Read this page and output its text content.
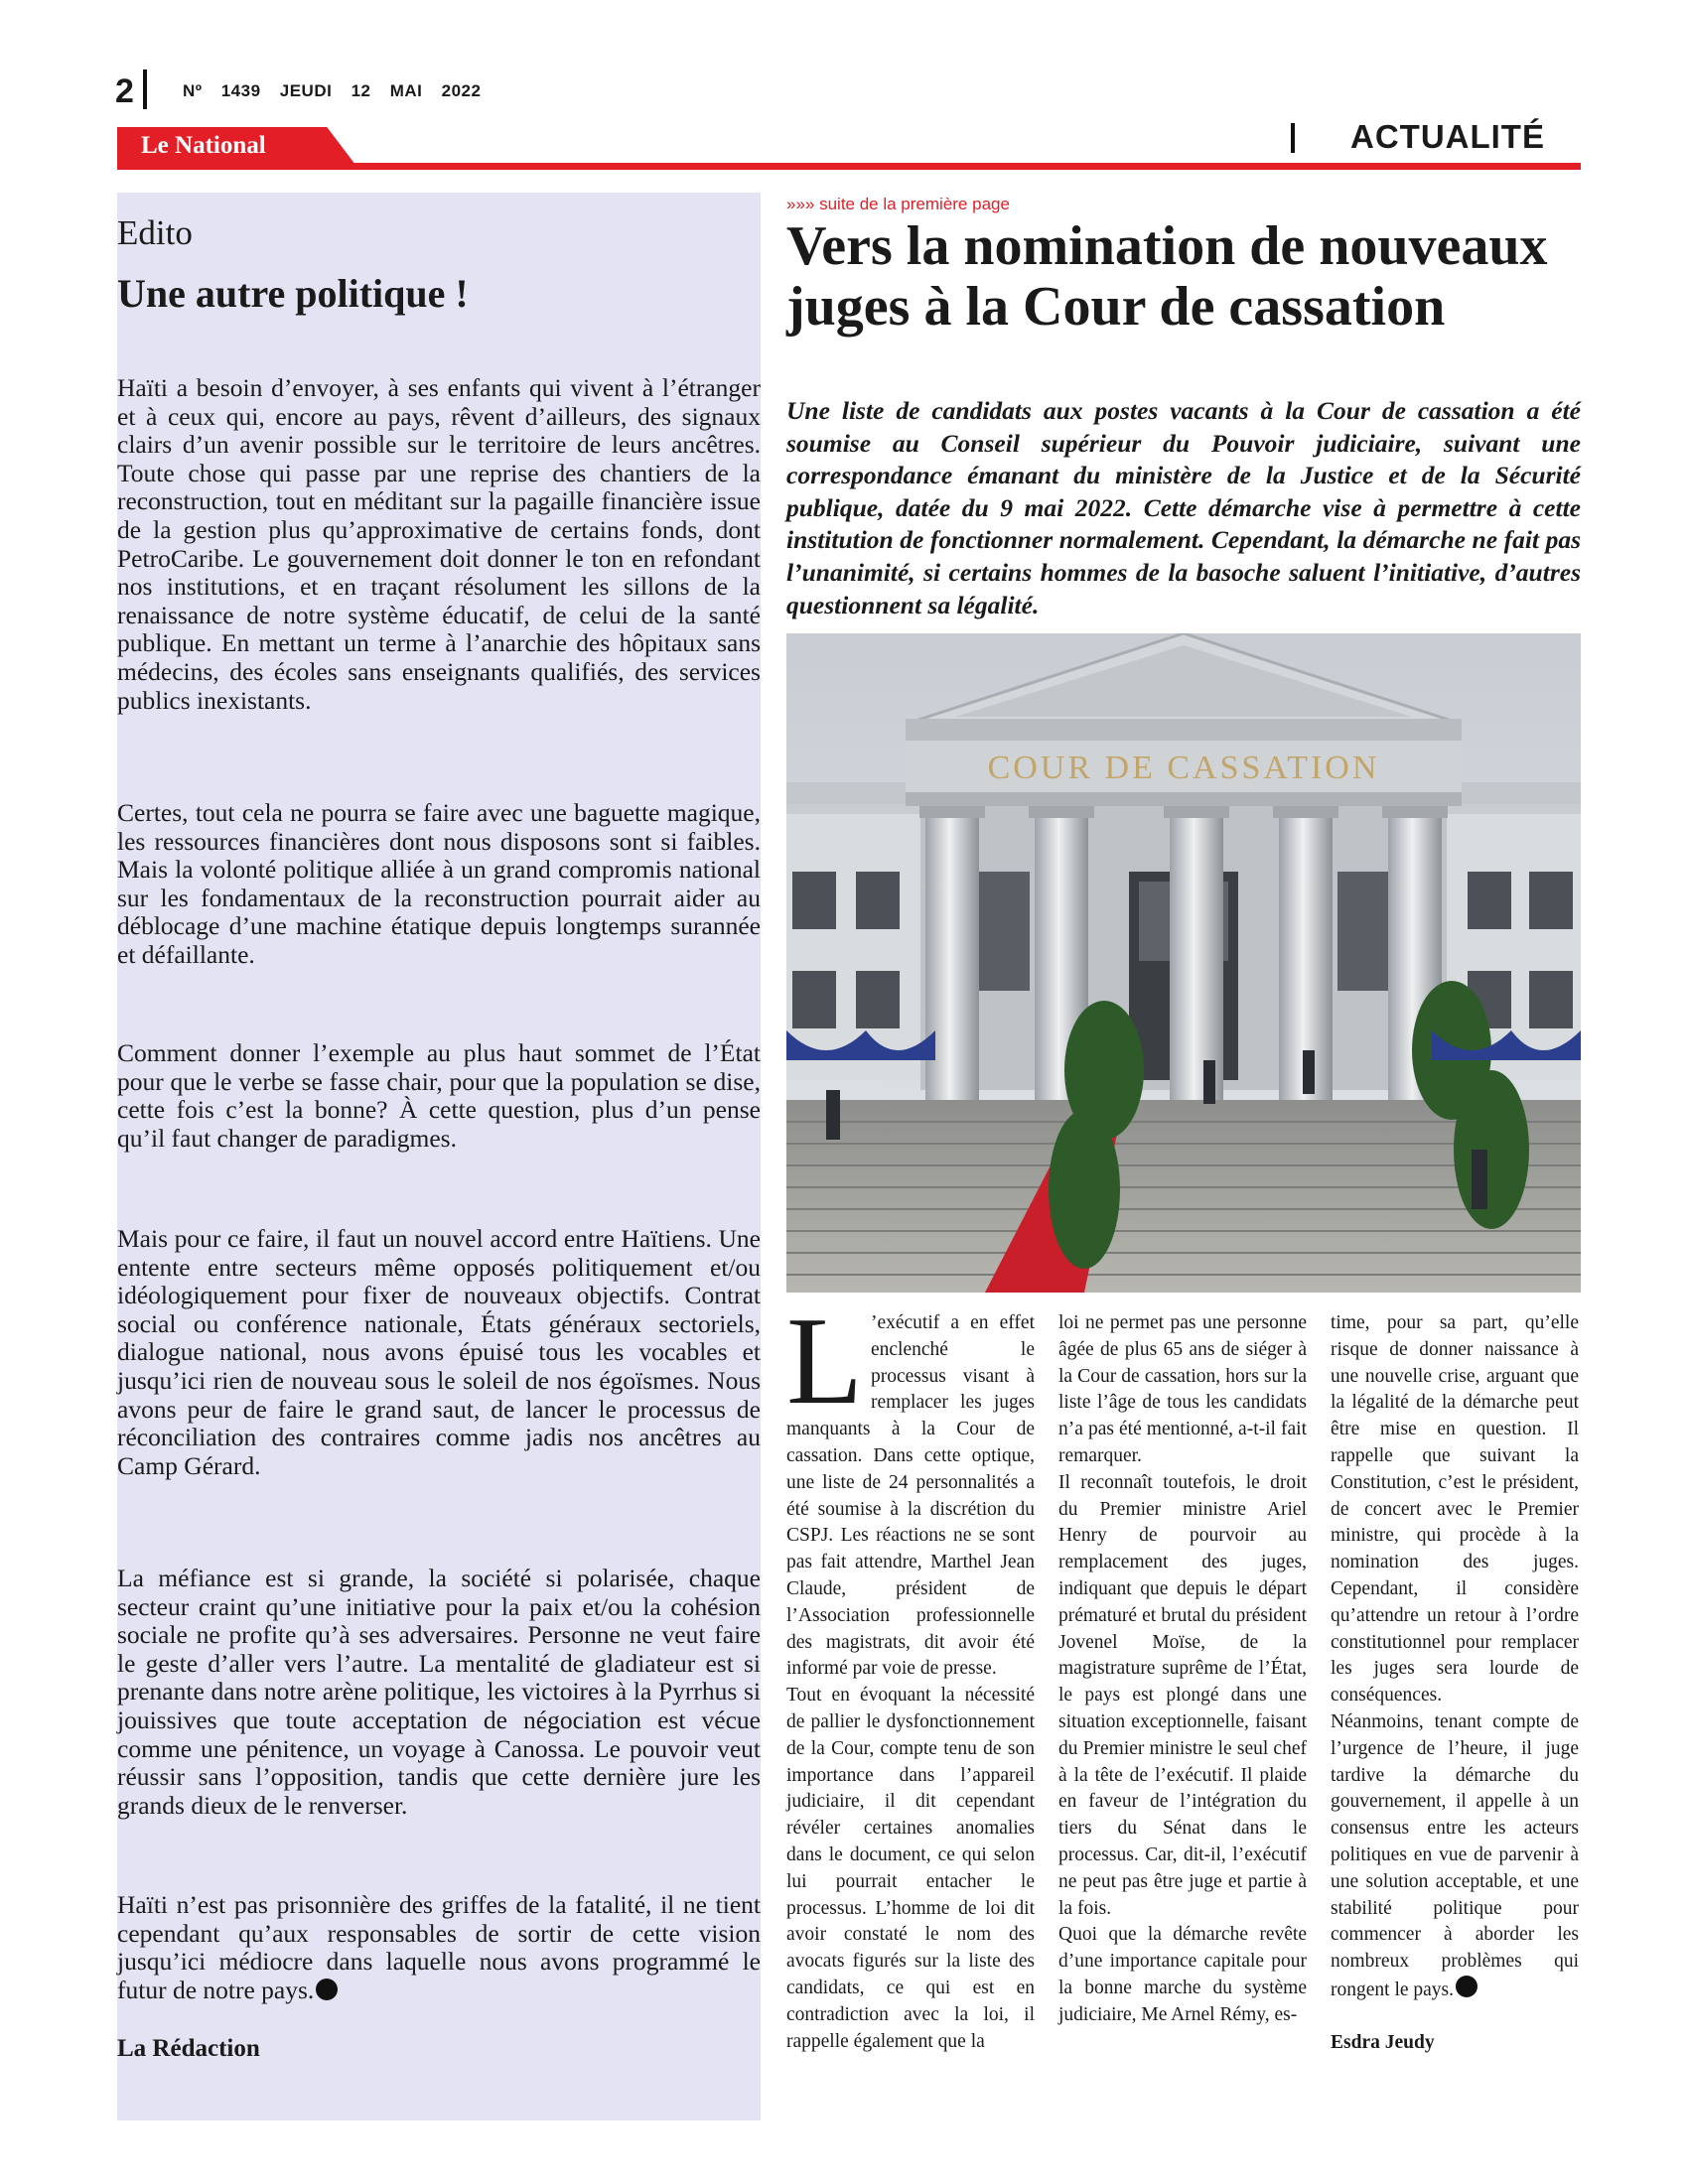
2	Nº 1439 JEUDI 12 MAI 2022
Le National	ACTUALITÉ
Edito
Une autre politique !

Haïti a besoin d’envoyer, à ses enfants qui vivent à l’étranger et à ceux qui, encore au pays, rêvent d’ailleurs, des signaux clairs d’un avenir possible sur le territoire de leurs ancêtres. Toute chose qui passe par une reprise des chantiers de la reconstruction, tout en méditant sur la pagaille financière issue de la gestion plus qu’approximative de certains fonds, dont PetroCaribe. Le gouvernement doit donner le ton en refondant nos institutions, et en traçant résolument les sillons de la renaissance de notre système éducatif, de celui de la santé publique. En mettant un terme à l’anarchie des hôpitaux sans médecins, des écoles sans enseignants qualifiés, des services publics inexistants.

Certes, tout cela ne pourra se faire avec une baguette magique, les ressources financières dont nous disposons sont si faibles. Mais la volonté politique alliée à un grand compromis national sur les fondamentaux de la reconstruction pourrait aider au déblocage d’une machine étatique depuis longtemps surannée et défaillante.

Comment donner l’exemple au plus haut sommet de l’État pour que le verbe se fasse chair, pour que la population se dise, cette fois c’est la bonne? À cette question, plus d’un pense qu’il faut changer de paradigmes.

Mais pour ce faire, il faut un nouvel accord entre Haïtiens. Une entente entre secteurs même opposés politiquement et/ou idéologiquement pour fixer de nouveaux objectifs. Contrat social ou conférence nationale, États généraux sectoriels, dialogue national, nous avons épuisé tous les vocables et jusqu’ici rien de nouveau sous le soleil de nos égoïsmes. Nous avons peur de faire le grand saut, de lancer le processus de réconciliation des contraires comme jadis nos ancêtres au Camp Gérard.

La méfiance est si grande, la société si polarisée, chaque secteur craint qu’une initiative pour la paix et/ou la cohésion sociale ne profite qu’à ses adversaires. Personne ne veut faire le geste d’aller vers l’autre. La mentalité de gladiateur est si prenante dans notre arène politique, les victoires à la Pyrrhus si jouissives que toute acceptation de négociation est vécue comme une pénitence, un voyage à Canossa. Le pouvoir veut réussir sans l’opposition, tandis que cette dernière jure les grands dieux de le renverser.

Haïti n’est pas prisonnière des griffes de la fatalité, il ne tient cependant qu’aux responsables de sortir de cette vision jusqu’ici médiocre dans laquelle nous avons programmé le futur de notre pays.

La Rédaction
»»» suite de la première page
Vers la nomination de nouveaux juges à la Cour de cassation

Une liste de candidats aux postes vacants à la Cour de cassation a été soumise au Conseil supérieur du Pouvoir judiciaire, suivant une correspondance émanant du ministère de la Justice et de la Sécurité publique, datée du 9 mai 2022. Cette démarche vise à permettre à cette institution de fonctionner normalement. Cependant, la démarche ne fait pas l’unanimité, si certains hommes de la basoche saluent l’initiative, d’autres questionnent sa légalité.

COUR DE CASSATION
L ’exécutif a en effet enclenché le processus visant à remplacer les juges manquants à la Cour de cassation. Dans cette optique, une liste de 24 personnalités a été soumise à la discrétion du CSPJ. Les réactions ne se sont pas fait attendre, Marthel Jean Claude, président de l’Association professionnelle des magistrats, dit avoir été informé par voie de presse.

Tout en évoquant la nécessité de pallier le dysfonctionnement de la Cour, compte tenu de son importance dans l’appareil judiciaire, il dit cependant révéler certaines anomalies dans le document, ce qui selon lui pourrait entacher le processus. L’homme de loi dit avoir constaté le nom des avocats figurés sur la liste des candidats, ce qui est en contradiction avec la loi, il rappelle également que la

loi ne permet pas une personne âgée de plus 65 ans de siéger à la Cour de cassation, hors sur la liste l’âge de tous les candidats n’a pas été mentionné, a-t-il fait remarquer.

Il reconnaît toutefois, le droit du Premier ministre Ariel Henry de pourvoir au remplacement des juges, indiquant que depuis le départ prématuré et brutal du président Jovenel Moïse, de la magistrature suprême de l’État, le pays est plongé dans une situation exceptionnelle, faisant du Premier ministre le seul chef à la tête de l’exécutif. Il plaide en faveur de l’intégration du tiers du Sénat dans le processus. Car, dit-il, l’exécutif ne peut pas être juge et partie à la fois.

Quoi que la démarche revête d’une importance capitale pour la bonne marche du système judiciaire, Me Arnel Rémy, es-

time, pour sa part, qu’elle risque de donner naissance à une nouvelle crise, arguant que la légalité de la démarche peut être mise en question. Il rappelle que suivant la Constitution, c’est le président, de concert avec le Premier ministre, qui procède à la nomination des juges. Cependant, il considère qu’attendre un retour à l’ordre constitutionnel pour remplacer les juges sera lourde de conséquences.

Néanmoins, tenant compte de l’urgence de l’heure, il juge tardive la démarche du gouvernement, il appelle à un consensus entre les acteurs politiques en vue de parvenir à une solution acceptable, et une stabilité politique pour commencer à aborder les nombreux problèmes qui rongent le pays.

Esdra Jeudy
